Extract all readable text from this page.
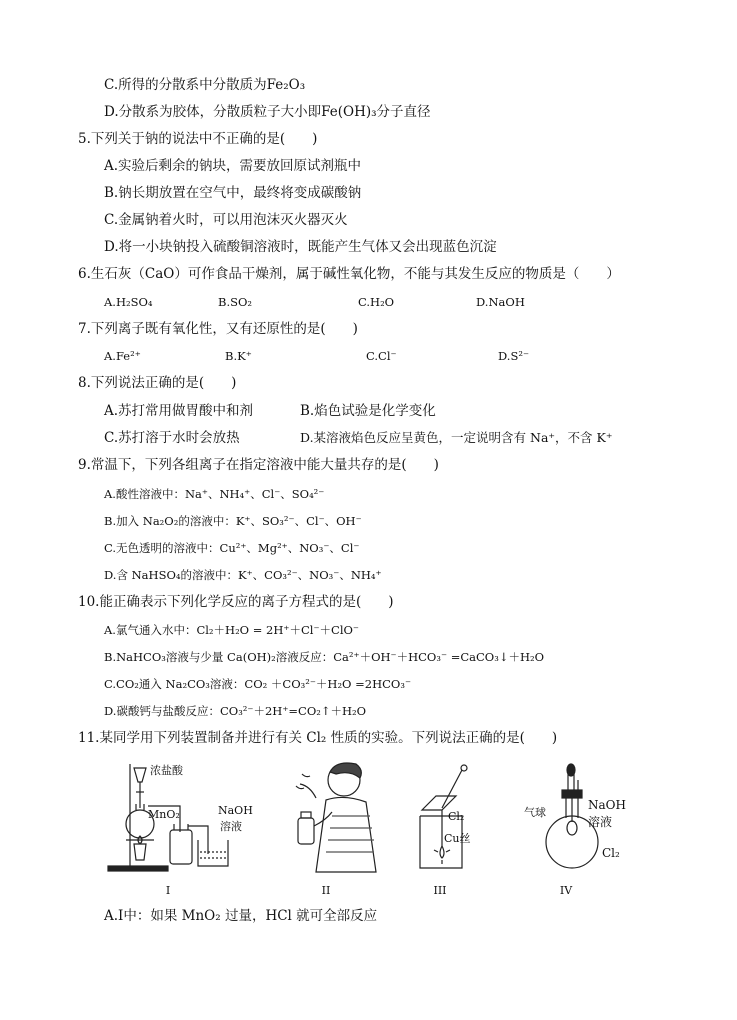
C.所得的分散系中分散质为Fe₂O₃
D.分散系为胶体，分散质粒子大小即Fe(OH)₃分子直径
5.下列关于钠的说法中不正确的是(　　)
A.实验后剩余的钠块，需要放回原试剂瓶中
B.钠长期放置在空气中，最终将变成碳酸钠
C.金属钠着火时，可以用泡沫灭火器灭火
D.将一小块钠投入硫酸铜溶液时，既能产生气体又会出现蓝色沉淀
6.生石灰（CaO）可作食品干燥剂，属于碱性氧化物，不能与其发生反应的物质是（　　）
A.H₂SO₄	B.SO₂	C.H₂O	D.NaOH
7.下列离子既有氧化性，又有还原性的是(　　)
A.Fe²⁺	B.K⁺	C.Cl⁻	D.S²⁻
8.下列说法正确的是(　　)
A.苏打常用做胃酸中和剂	B.焰色试验是化学变化
C.苏打溶于水时会放热	D.某溶液焰色反应呈黄色，一定说明含有 Na⁺，不含 K⁺
9.常温下，下列各组离子在指定溶液中能大量共存的是(　　)
A.酸性溶液中：Na⁺、NH₄⁺、Cl⁻、SO₄²⁻
B.加入 Na₂O₂的溶液中：K⁺、SO₃²⁻、Cl⁻、OH⁻
C.无色透明的溶液中：Cu²⁺、Mg²⁺、NO₃⁻、Cl⁻
D.含 NaHSO₄的溶液中：K⁺、CO₃²⁻、NO₃⁻、NH₄⁺
10.能正确表示下列化学反应的离子方程式的是(　　)
A.氯气通入水中：Cl₂＋H₂O = 2H⁺＋Cl⁻＋ClO⁻
B.NaHCO₃溶液与少量 Ca(OH)₂溶液反应：Ca²⁺＋OH⁻＋HCO₃⁻ =CaCO₃↓＋H₂O
C.CO₂通入 Na₂CO₃溶液：CO₂ ＋CO₃²⁻＋H₂O =2HCO₃⁻
D.碳酸钙与盐酸反应：CO₃²⁻＋2H⁺=CO₂↑＋H₂O
11.某同学用下列装置制备并进行有关 Cl₂ 性质的实验。下列说法正确的是(　　)
浓盐酸
MnO₂	NaOH
溶液
I	II
Cl₂
Cu丝
III
气球
NaOH
溶液
Cl₂
IV
A.Ⅰ中：如果 MnO₂ 过量，HCl 就可全部反应
